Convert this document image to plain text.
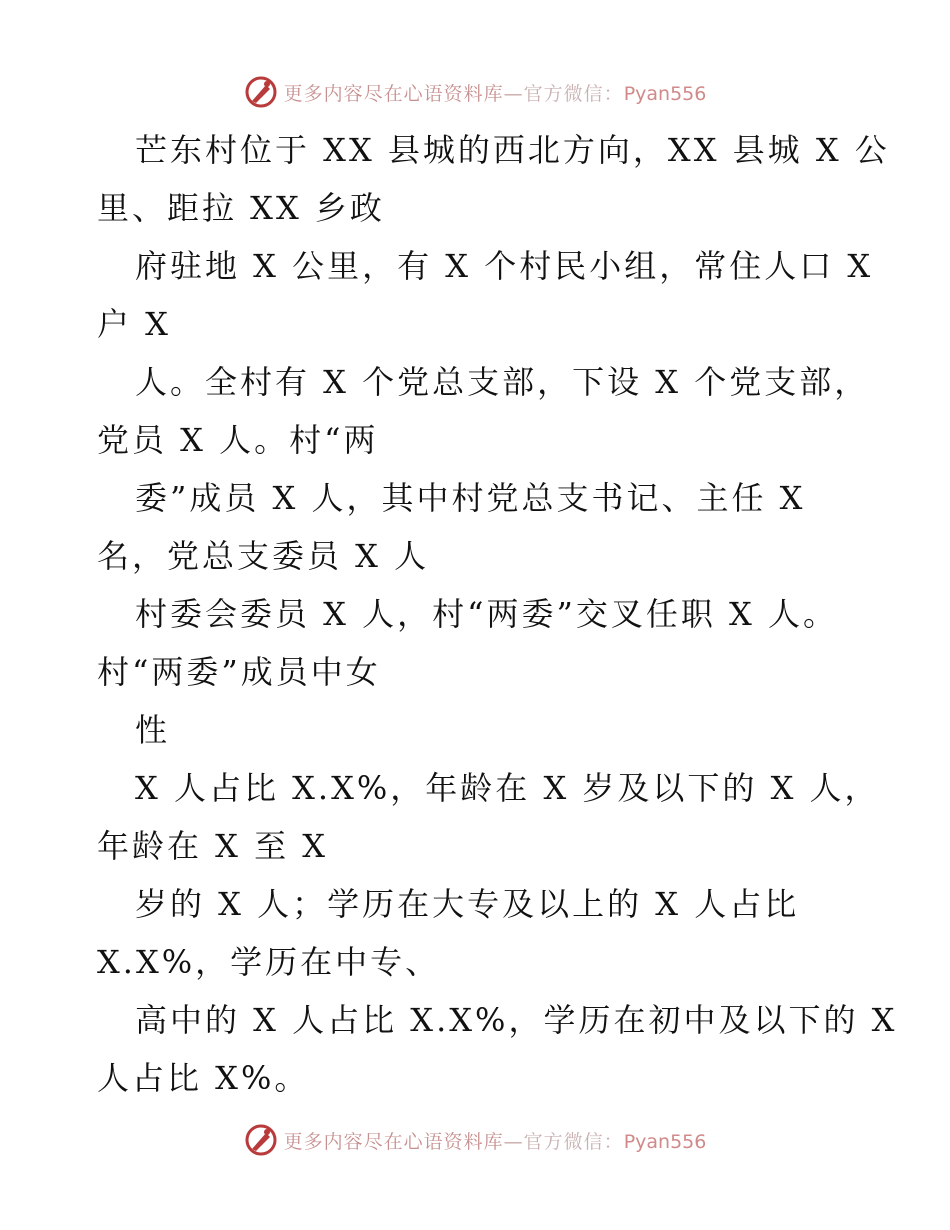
更多内容尽在心语资料库—官方微信：Pyan556
芒东村位于 XX 县城的西北方向，XX 县城 X 公
里、距拉 XX 乡政
府驻地 X 公里，有 X 个村民小组，常住人口 X
户 X
人。全村有 X 个党总支部，下设 X 个党支部，
党员 X 人。村“两
委”成员 X 人，其中村党总支书记、主任 X
名，党总支委员 X 人
村委会委员 X 人，村“两委”交叉任职 X 人。
村“两委”成员中女
性
X 人占比 X.X%，年龄在 X 岁及以下的 X 人，
年龄在 X 至 X
岁的 X 人；学历在大专及以上的 X 人占比
X.X%，学历在中专、
高中的 X 人占比 X.X%，学历在初中及以下的 X
人占比 X%。
更多内容尽在心语资料库—官方微信：Pyan556
